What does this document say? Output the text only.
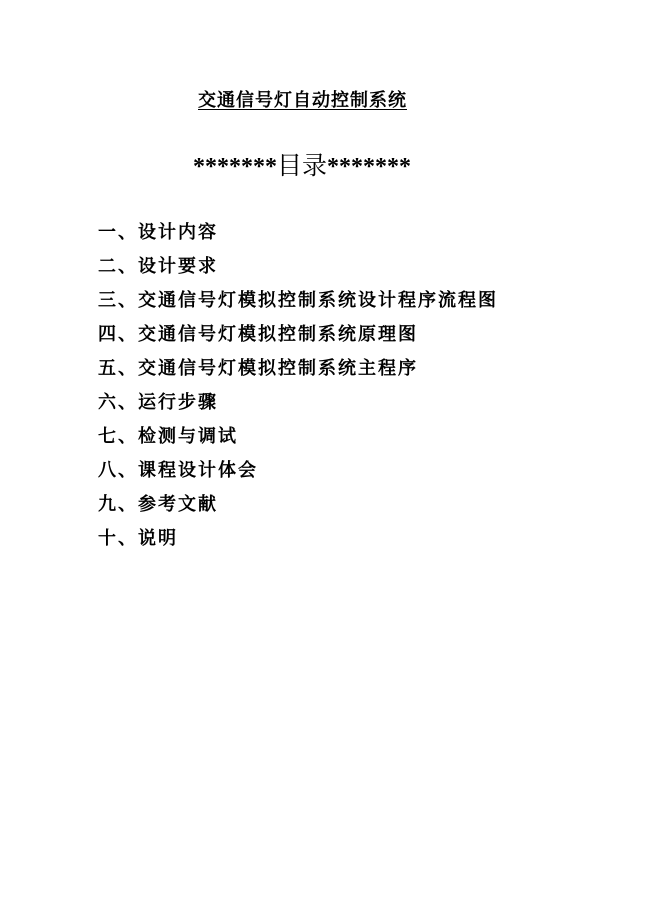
交通信号灯自动控制系统
*******目录*******
一、设计内容
二、设计要求
三、交通信号灯模拟控制系统设计程序流程图
四、交通信号灯模拟控制系统原理图
五、交通信号灯模拟控制系统主程序
六、运行步骤
七、检测与调试
八、课程设计体会
九、参考文献
十、说明
